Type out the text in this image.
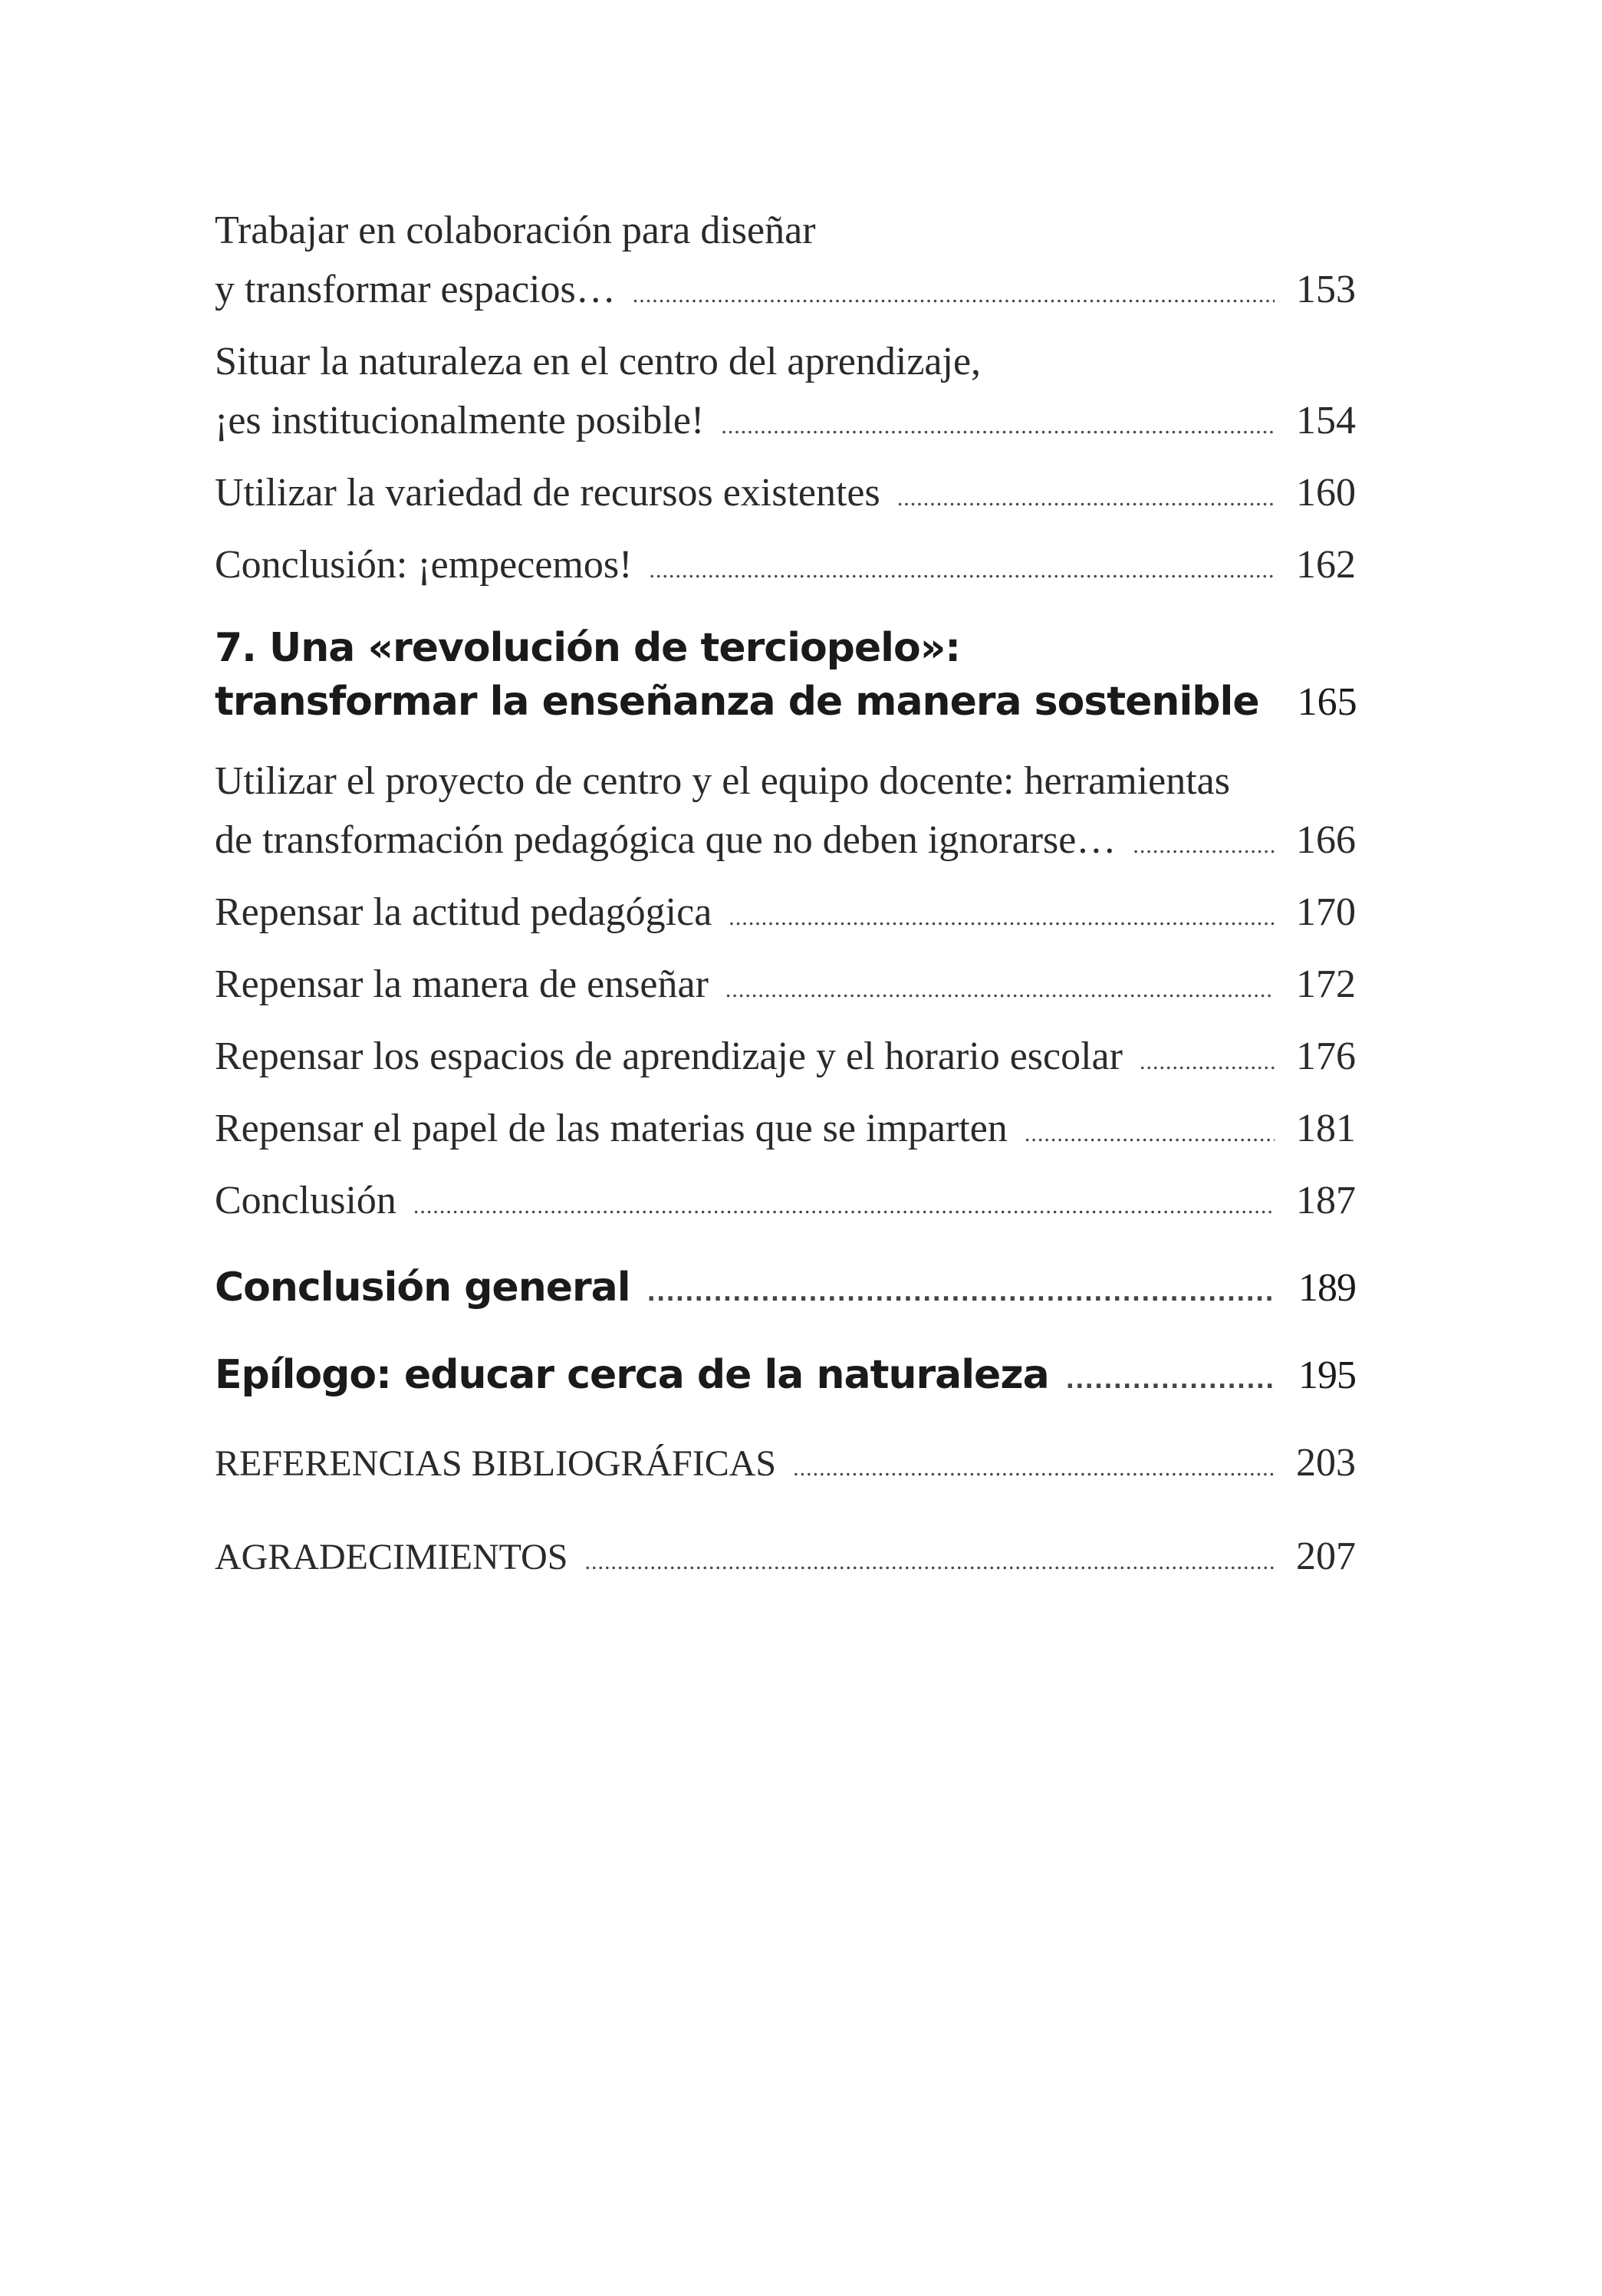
Trabajar en colaboración para diseñar
y transformar espacios… .....	153
Situar la naturaleza en el centro del aprendizaje,
¡es institucionalmente posible! .....	154
Utilizar la variedad de recursos existentes .....	160
Conclusión: ¡empecemos! .....	162
7. Una «revolución de terciopelo»:
transformar la enseñanza de manera sostenible 165
Utilizar el proyecto de centro y el equipo docente: herramientas
de transformación pedagógica que no deben ignorarse… .....	166
Repensar la actitud pedagógica .....	170
Repensar la manera de enseñar .....	172
Repensar los espacios de aprendizaje y el horario escolar .....	176
Repensar el papel de las materias que se imparten .....	181
Conclusión .....	187
Conclusión general .....	189
Epílogo: educar cerca de la naturaleza .....	195
REFERENCIAS BIBLIOGRÁFICAS .....	203
AGRADECIMIENTOS .....	207
